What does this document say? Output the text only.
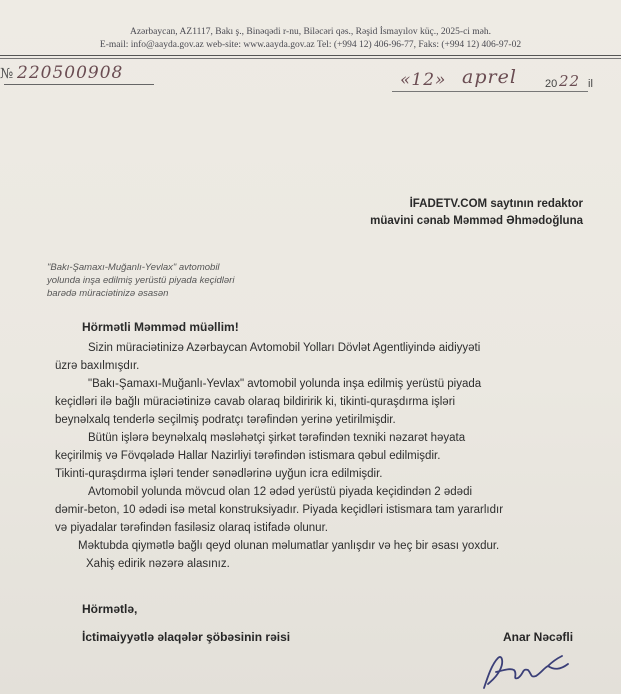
Azərbaycan, AZ1117, Bakı ş., Binəqədi r-nu, Biləcəri qəs., Rəşid İsmayılov küç., 2025-ci məh.
E-mail: info@aayda.gov.az web-site: www.aayda.gov.az Tel: (+994 12) 406-96-77, Faks: (+994 12) 406-97-02
№ 220500908	«12» aprel	20 22 il
İFADETV.COM saytının redaktor
müavini cənab Məmməd Əhmədoğluna
"Bakı-Şamaxı-Muğanlı-Yevlax" avtomobil
yolunda inşa edilmiş yerüstü piyada keçidləri
barədə müraciətinizə əsasən
Hörmətli Məmməd müəllim!
Sizin müraciətinizə Azərbaycan Avtomobil Yolları Dövlət Agentliyində aidiyyəti
üzrə baxılmışdır.
"Bakı-Şamaxı-Muğanlı-Yevlax" avtomobil yolunda inşa edilmiş yerüstü piyada
keçidləri ilə bağlı müraciətinizə cavab olaraq bildiririk ki, tikinti-quraşdırma işləri
beynəlxalq tenderlə seçilmiş podratçı tərəfindən yerinə yetirilmişdir.
Bütün işlərə beynəlxalq məsləhətçi şirkət tərəfindən texniki nəzarət həyata
keçirilmiş və Fövqəladə Hallar Nazirliyi tərəfindən istismara qəbul edilmişdir.
Tikinti-quraşdırma işləri tender sənədlərinə uyğun icra edilmişdir.
Avtomobil yolunda mövcud olan 12 ədəd yerüstü piyada keçidindən 2 ədədi
dəmir-beton, 10 ədədi isə metal konstruksiyadır. Piyada keçidləri istismara tam yararlıdır
və piyadalar tərəfindən fasiləsiz olaraq istifadə olunur.
Məktubda qiymətlə bağlı qeyd olunan məlumatlar yanlışdır və heç bir əsası yoxdur.
Xahiş edirik nəzərə alasınız.
Hörmətlə,
İctimaiyyətlə əlaqələr şöbəsinin rəisi	Anar Nəcəfli
